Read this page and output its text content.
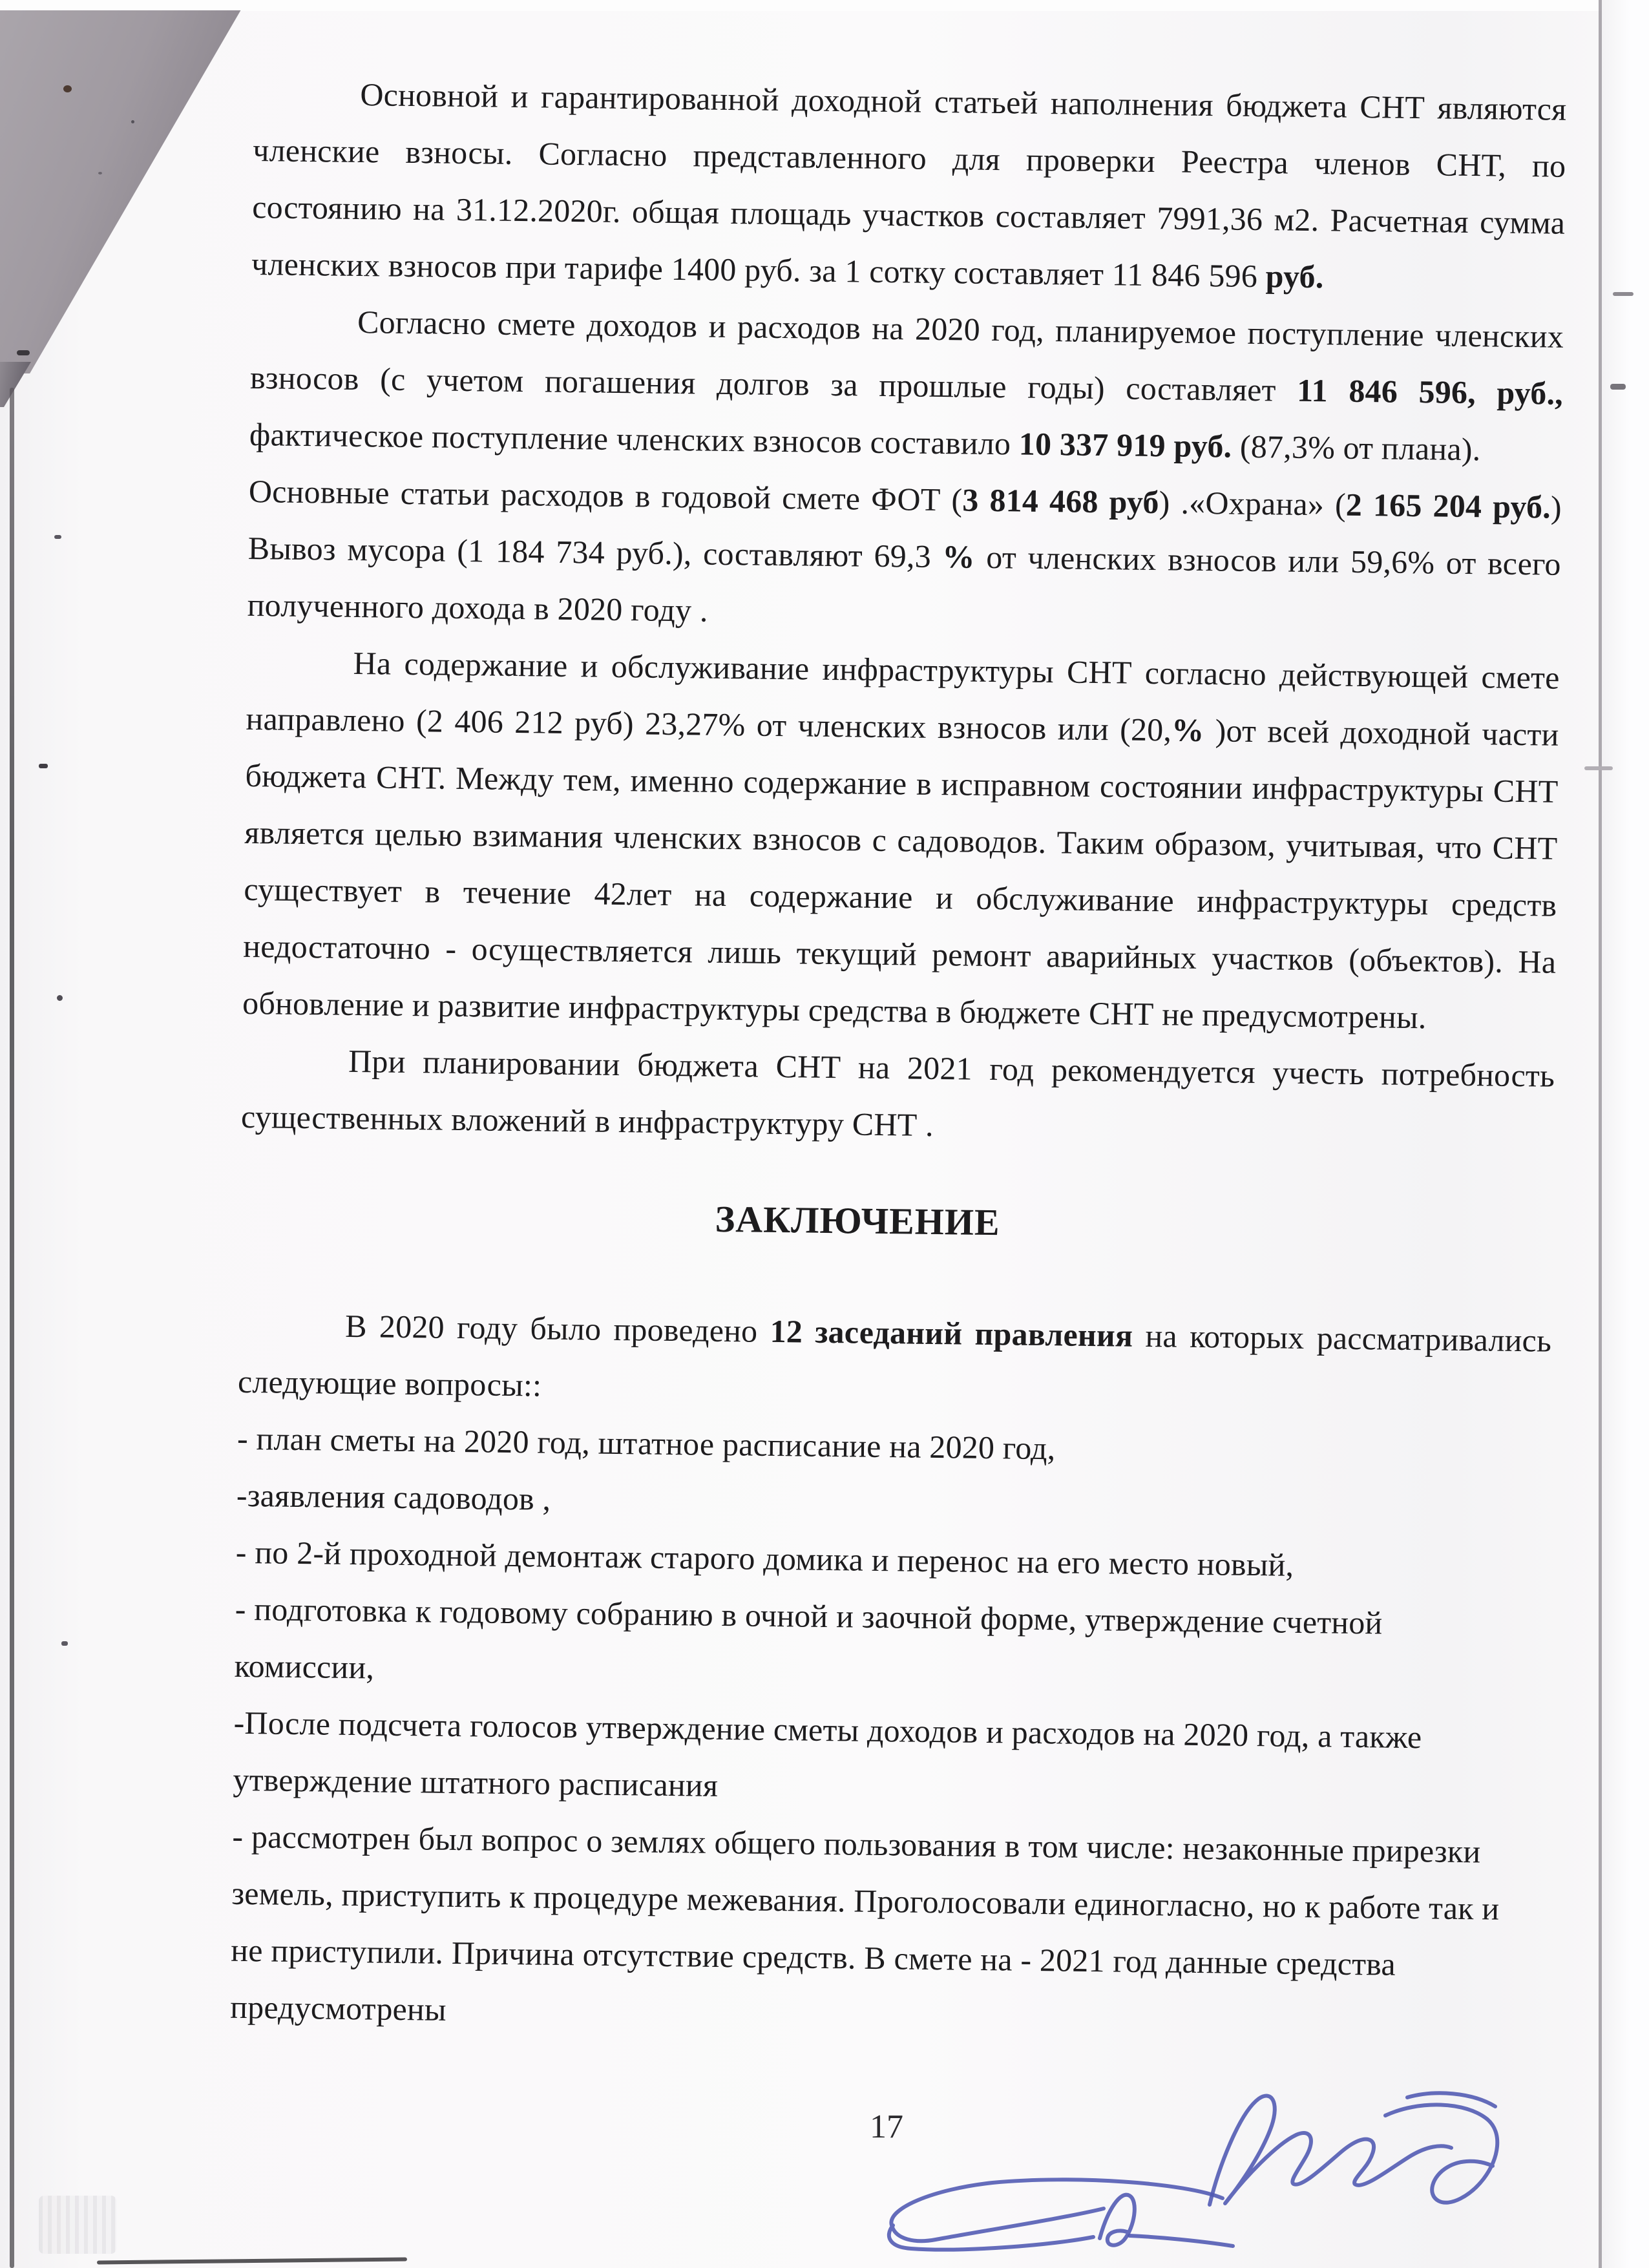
Основной и гарантированной доходной статьей наполнения бюджета СНТ являются
членские взносы. Согласно представленного для проверки Реестра членов СНТ, по
состоянию на 31.12.2020г. общая площадь участков составляет 7991,36 м2. Расчетная сумма
членских взносов при тарифе 1400 руб. за 1 сотку составляет 11 846 596 руб.
Согласно смете доходов и расходов на 2020 год, планируемое поступление членских
взносов (с учетом погашения долгов за прошлые годы) составляет 11 846 596, руб.,
фактическое поступление членских взносов составило 10 337 919 руб. (87,3% от плана).
Основные статьи расходов в годовой смете ФОТ (3 814 468 руб) .«Охрана» (2 165 204 руб.)
Вывоз мусора (1 184 734 руб.), составляют 69,3 % от членских взносов или 59,6% от всего
полученного дохода в 2020 году .
На содержание и обслуживание инфраструктуры СНТ согласно действующей смете
направлено (2 406 212 руб) 23,27% от членских взносов или (20,% )от всей доходной части
бюджета СНТ. Между тем, именно содержание в исправном состоянии инфраструктуры СНТ
является целью взимания членских взносов с садоводов. Таким образом, учитывая, что СНТ
существует в течение 42лет на содержание и обслуживание инфраструктуры средств
недостаточно - осуществляется лишь текущий ремонт аварийных участков (объектов). На
обновление и развитие инфраструктуры средства в бюджете СНТ не предусмотрены.
При планировании бюджета СНТ на 2021 год рекомендуется учесть потребность
существенных вложений в инфраструктуру СНТ .
ЗАКЛЮЧЕНИЕ
В 2020 году было проведено 12 заседаний правления на которых рассматривались
следующие вопросы::
- план сметы на 2020 год, штатное расписание на 2020 год,
-заявления садоводов ,
- по 2-й проходной демонтаж старого домика и перенос на его место новый,
- подготовка к годовому собранию в очной и заочной форме, утверждение счетной
комиссии,
-После подсчета голосов утверждение сметы доходов и расходов на 2020 год, а также
утверждение штатного расписания
- рассмотрен был вопрос о землях общего пользования в том числе: незаконные прирезки
земель, приступить к процедуре межевания. Проголосовали единогласно, но к работе так и
не приступили. Причина отсутствие средств. В смете на - 2021 год данные средства
предусмотрены
17
